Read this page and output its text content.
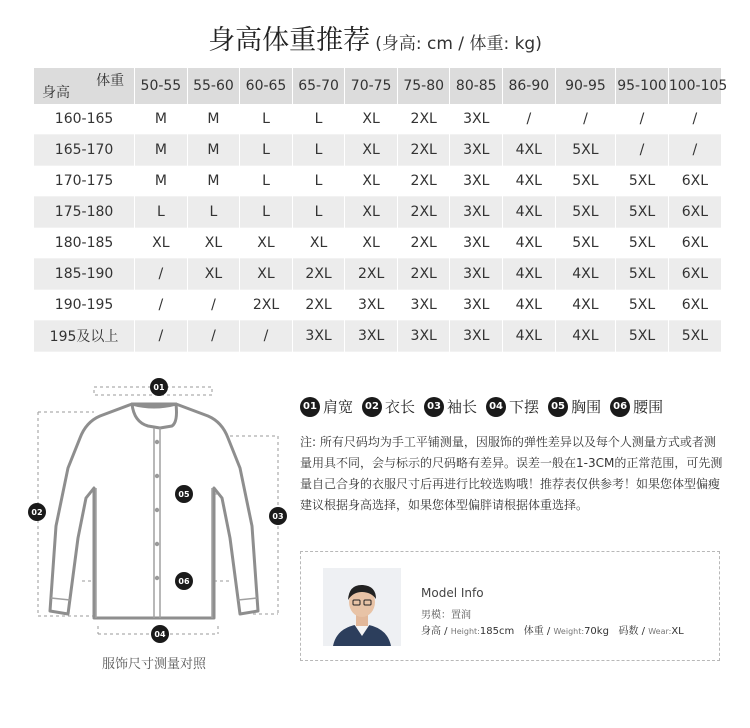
身高体重推荐 (身高: cm / 体重: kg)
体重
身高	50-55	55-60	60-65	65-70	70-75	75-80	80-85	86-90	90-95	95-100	100-105
160-165	M	M	L	L	XL	2XL	3XL	/	/	/	/
165-170	M	M	L	L	XL	2XL	3XL	4XL	5XL	/	/
170-175	M	M	L	L	XL	2XL	3XL	4XL	5XL	5XL	6XL
175-180	L	L	L	L	XL	2XL	3XL	4XL	5XL	5XL	6XL
180-185	XL	XL	XL	XL	XL	2XL	3XL	4XL	5XL	5XL	6XL
185-190	/	XL	XL	2XL	2XL	2XL	3XL	4XL	4XL	5XL	6XL
190-195	/	/	2XL	2XL	3XL	3XL	3XL	4XL	4XL	5XL	6XL
195及以上	/	/	/	3XL	3XL	3XL	3XL	4XL	4XL	5XL	5XL
01
02	03
04
05
06
服饰尺寸测量对照
01 肩宽 02 衣长 03 袖长 04 下摆 05 胸围 06 腰围
注: 所有尺码均为手工平铺测量，因服饰的弹性差异以及每个人测量方式或者测量用具不同，会与标示的尺码略有差异。误差一般在1-3CM的正常范围，可先测量自己合身的衣服尺寸后再进行比较选购哦！推荐表仅供参考！如果您体型偏瘦建议根据身高选择，如果您体型偏胖请根据体重选择。
Model Info
男模：置润
身高 / Height:185cm 体重 / Weight:70kg 码数 / Wear:XL
